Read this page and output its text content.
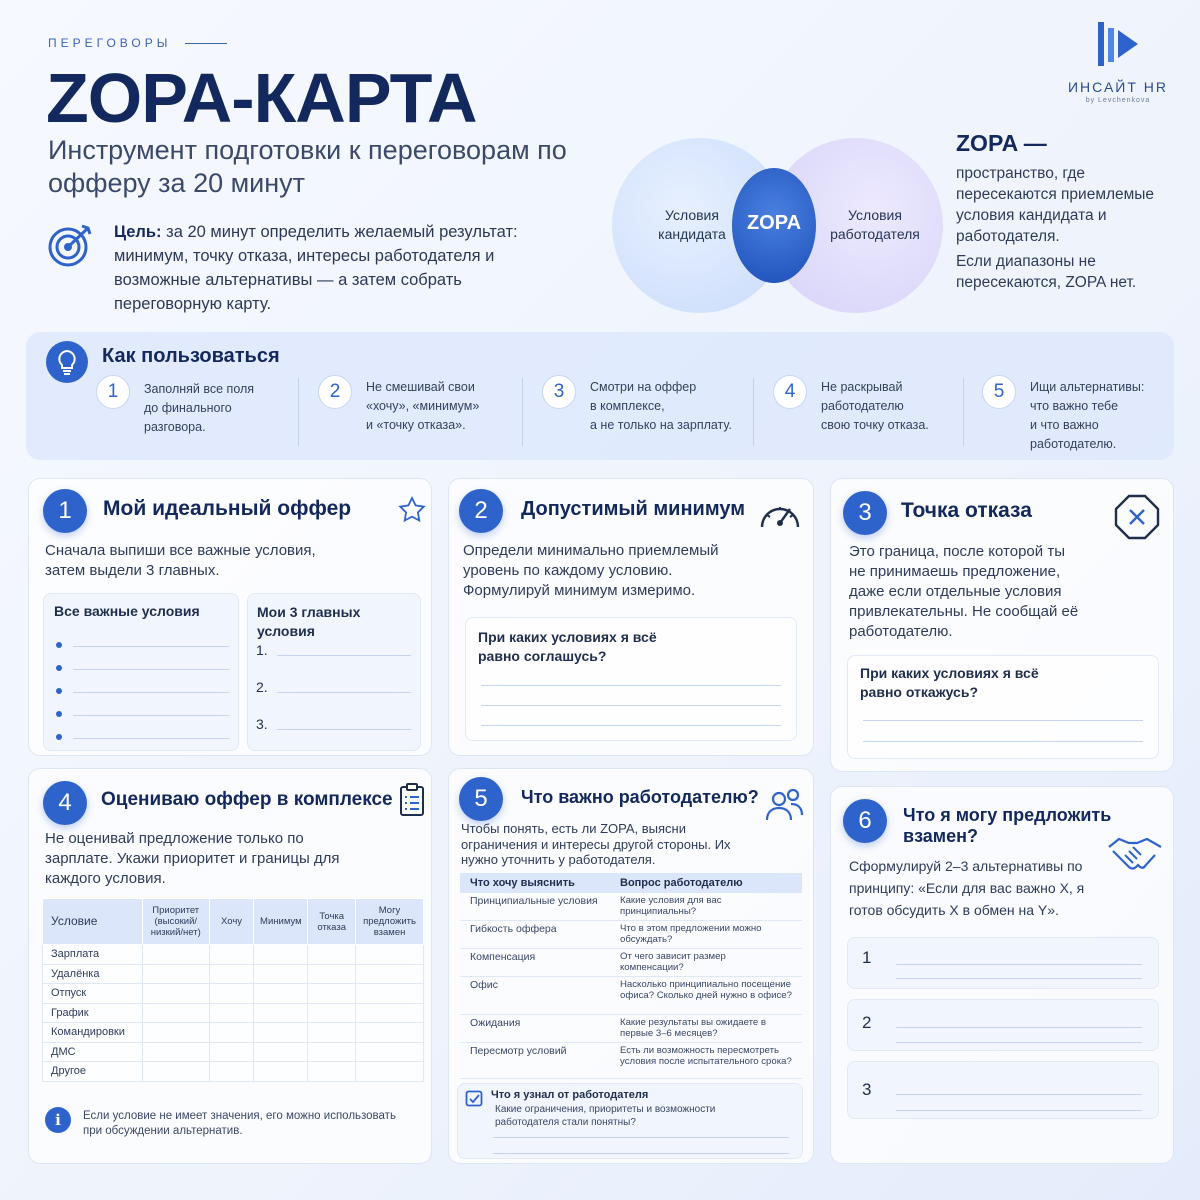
ПЕРЕГОВОРЫ
ZOPA-КАРТА
Инструмент подготовки к переговорам по офферу за 20 минут
Цель: за 20 минут определить желаемый результат: минимум, точку отказа, интересы работодателя и возможные альтернативы — а затем собрать переговорную карту.
ИНСАЙТ HR
by Levchenkova
Условия кандидата
Условия работодателя
ZOPA
ZOPA —

пространство, где пересекаются приемлемые условия кандидата и работодателя.

Если диапазоны не пересекаются, ZOPA нет.

Как пользоваться
1	Заполняй все поля
до финального
разговора.
2	Не смешивай свои
«хочу», «минимум»
и «точку отказа».
3	Смотри на оффер
в комплексе,
а не только на зарплату.
4	Не раскрывай
работодателю
свою точку отказа.
5	Ищи альтернативы:
что важно тебе
и что важно
работодателю.
1	Мой идеальный оффер
Сначала выпиши все важные условия, затем выдели 3 главных.
Все важные условия	Мои 3 главных условия
1.
2.
3.
2	Допустимый минимум
Определи минимально приемлемый уровень по каждому условию. Формулируй минимум измеримо.
При каких условиях я всё равно соглашусь?
3	Точка отказа
Это граница, после которой ты не принимаешь предложение, даже если отдельные условия привлекательны. Не сообщай её работодателю.
При каких условиях я всё равно откажусь?
4	Оцениваю оффер в комплексе
Не оценивай предложение только по зарплате. Укажи приоритет и границы для каждого условия.
i	Если условие не имеет значения, его можно использовать при обсуждении альтернатив.
Условие	Приоритет (высокий/ низкий/нет)	Хочу	Минимум	Точка отказа	Могу предложить взамен
Зарплата					
Удалёнка					
Отпуск					
График					
Командировки					
ДМС					
Другое					
5	Что важно работодателю?
Чтобы понять, есть ли ZOPA, выясни ограничения и интересы другой стороны. Их нужно уточнить у работодателя.
Что я узнал от работодателя
Какие ограничения, приоритеты и возможности работодателя стали понятны?
Что хочу выяснить	Вопрос работодателю
Принципиальные условия	Какие условия для вас принципиальны?
Гибкость оффера	Что в этом предложении можно обсуждать?
Компенсация	От чего зависит размер компенсации?
Офис	Насколько принципиально посещение офиса? Сколько дней нужно в офисе?
Ожидания	Какие результаты вы ожидаете в первые 3–6 месяцев?
Пересмотр условий	Есть ли возможность пересмотреть условия после испытательного срока?
6	Что я могу предложить взамен?
Сформулируй 2–3 альтернативы по принципу: «Если для вас важно X, я готов обсудить X в обмен на Y».
1
2
3
